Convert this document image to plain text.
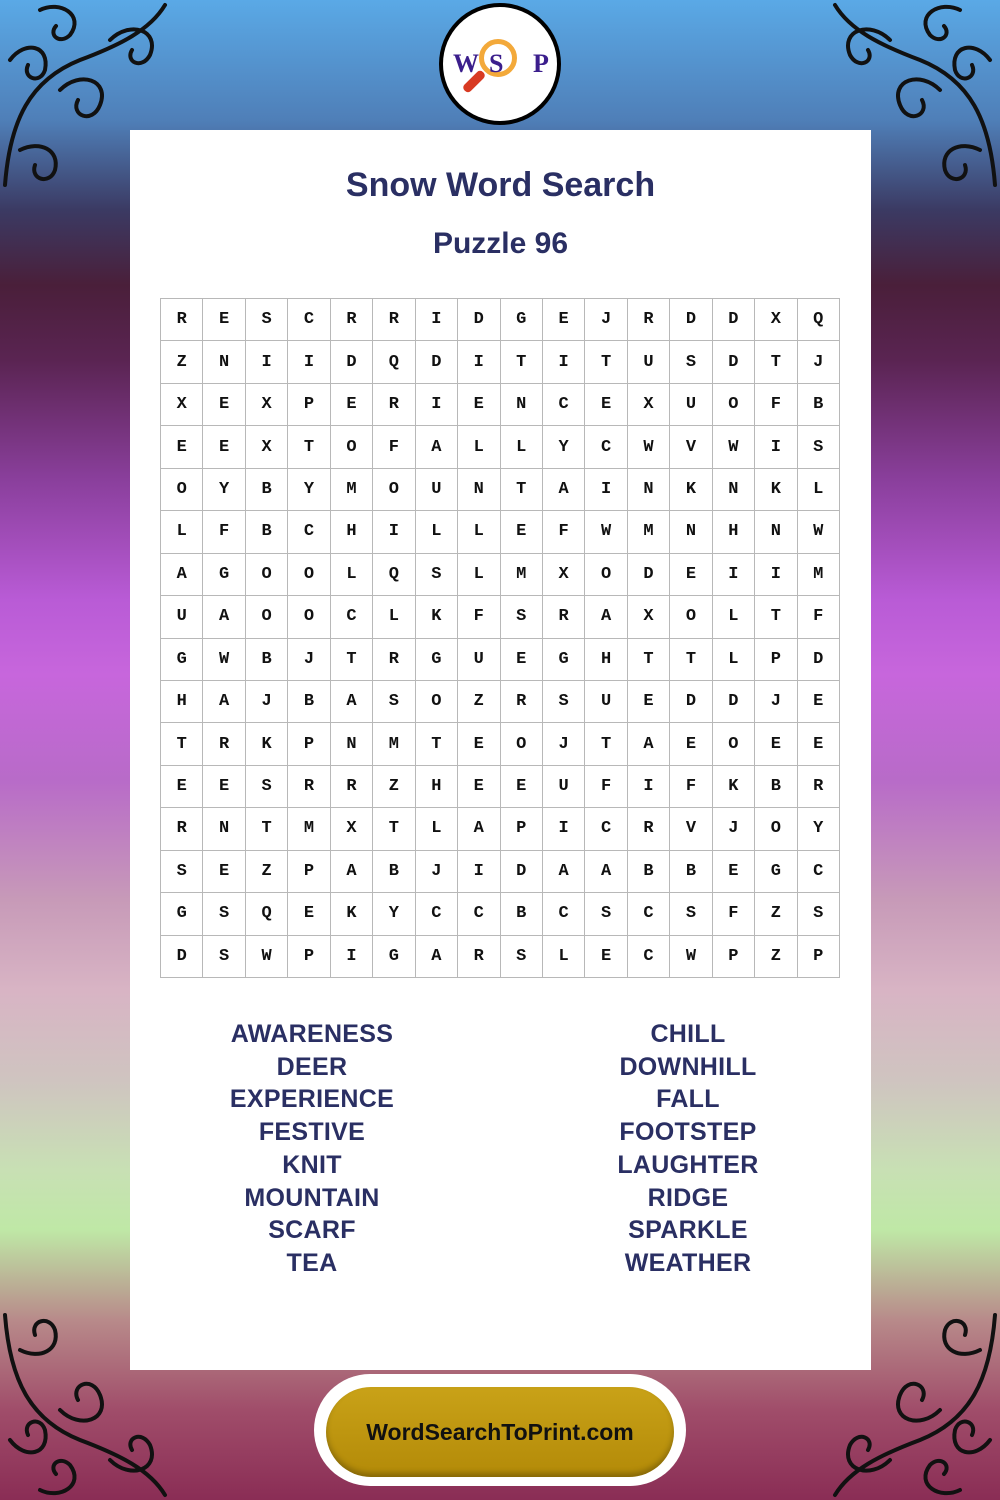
W S P
Snow Word Search
Puzzle 96
R	E	S	C	R	R	I	D	G	E	J	R	D	D	X	Q
Z	N	I	I	D	Q	D	I	T	I	T	U	S	D	T	J
X	E	X	P	E	R	I	E	N	C	E	X	U	O	F	B
E	E	X	T	O	F	A	L	L	Y	C	W	V	W	I	S
O	Y	B	Y	M	O	U	N	T	A	I	N	K	N	K	L
L	F	B	C	H	I	L	L	E	F	W	M	N	H	N	W
A	G	O	O	L	Q	S	L	M	X	O	D	E	I	I	M
U	A	O	O	C	L	K	F	S	R	A	X	O	L	T	F
G	W	B	J	T	R	G	U	E	G	H	T	T	L	P	D
H	A	J	B	A	S	O	Z	R	S	U	E	D	D	J	E
T	R	K	P	N	M	T	E	O	J	T	A	E	O	E	E
E	E	S	R	R	Z	H	E	E	U	F	I	F	K	B	R
R	N	T	M	X	T	L	A	P	I	C	R	V	J	O	Y
S	E	Z	P	A	B	J	I	D	A	A	B	B	E	G	C
G	S	Q	E	K	Y	C	C	B	C	S	C	S	F	Z	S
D	S	W	P	I	G	A	R	S	L	E	C	W	P	Z	P
AWARENESS
DEER
EXPERIENCE
FESTIVE
KNIT
MOUNTAIN
SCARF
TEA
CHILL
DOWNHILL
FALL
FOOTSTEP
LAUGHTER
RIDGE
SPARKLE
WEATHER
WordSearchToPrint.com
